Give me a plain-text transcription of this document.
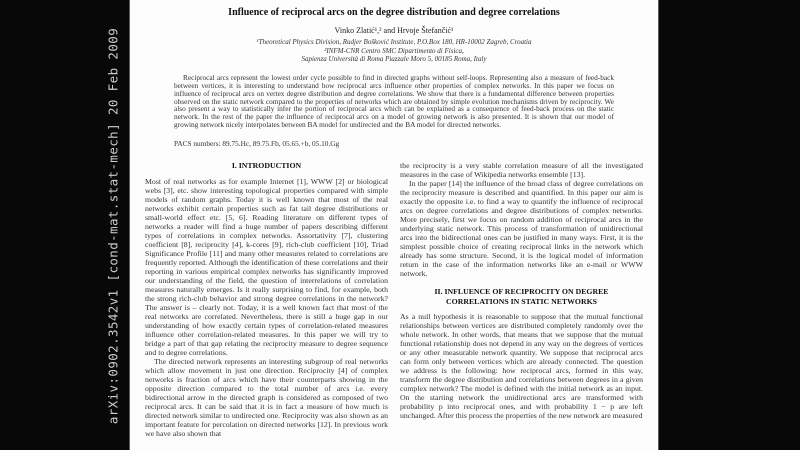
arXiv:0902.3542v1 [cond-mat.stat-mech] 20 Feb 2009
Influence of reciprocal arcs on the degree distribution and degree correlations
Vinko Zlatić¹,² and Hrvoje Štefančić¹
¹Theoretical Physics Division, Rudjer Bošković Institute, P.O.Box 180, HR-10002 Zagreb, Croatia
²INFM-CNR Centro SMC Dipartimento di Fisica,
Sapienza Università di Roma Piazzale Moro 5, 00185 Roma, Italy
Reciprocal arcs represent the lowest order cycle possible to find in directed graphs without self-loops. Representing also a measure of feed-back between vertices, it is interesting to understand how reciprocal arcs influence other properties of complex networks. In this paper we focus on influence of reciprocal arcs on vertex degree distribution and degree correlations. We show that there is a fundamental difference between properties observed on the static network compared to the properties of networks which are obtained by simple evolution mechanisms driven by reciprocity. We also present a way to statistically infer the portion of reciprocal arcs which can be explained as a consequence of feed-back process on the static network. In the rest of the paper the influence of reciprocal arcs on a model of growing network is also presented. It is shown that our model of growing network nicely interpolates between BA model for undirected and the BA model for directed networks.
PACS numbers: 89.75.Hc, 89.75.Fb, 05.65.+b, 05.10.Gg
I. INTRODUCTION

Most of real networks as for example Internet [1], WWW [2] or biological webs [3], etc. show interesting topological properties compared with simple models of random graphs. Today it is well known that most of the real networks exhibit certain properties such as fat tail degree distributions or small-world effect etc. [5, 6]. Reading literature on different types of networks a reader will find a huge number of papers describing different types of correlations in complex networks. Assortativity [7], clustering coefficient [8], reciprocity [4], k-cores [9], rich-club coefficient [10], Triad Significance Profile [11] and many other measures related to correlations are frequently reported. Although the identification of these correlations and their reporting in various empirical complex networks has significantly improved our understanding of the field, the question of interrelations of correlation measures naturally emerges. Is it really surprising to find, for example, both the strong rich-club behavior and strong degree correlations in the network? The answer is – clearly not. Today, it is a well known fact that most of the real networks are correlated. Nevertheless, there is still a huge gap in our understanding of how exactly certain types of correlation-related measures influence other correlation-related measures. In this paper we will try to bridge a part of that gap relating the reciprocity measure to degree sequence and to degree correlations.

The directed network represents an interesting subgroup of real networks which allow movement in just one direction. Reciprocity [4] of complex networks is fraction of arcs which have their counterparts showing in the opposite direction compared to the total number of arcs i.e. every bidirectional arrow in the directed graph is considered as composed of two reciprocal arcs. It can be said that it is in fact a measure of how much is directed network similar to undirected one. Reciprocity was also shown as an important feature for percolation on directed networks [12]. In previous work we have also shown that

the reciprocity is a very stable correlation measure of all the investigated measures in the case of Wikipedia networks ensemble [13].

In the paper [14] the influence of the broad class of degree correlations on the reciprocity measure is described and quantified. In this paper our aim is exactly the opposite i.e. to find a way to quantify the influence of reciprocal arcs on degree correlations and degree distributions of complex networks. More precisely, first we focus on random addition of reciprocal arcs in the underlying static network. This process of transformation of unidirectional arcs into the bidirectional ones can be justified in many ways. First, it is the simplest possible choice of creating reciprocal links in the network which already has some structure. Second, it is the logical model of information return in the case of the information networks like an e-mail or WWW network.

II. INFLUENCE OF RECIPROCITY ON DEGREE CORRELATIONS IN STATIC NETWORKS

As a null hypothesis it is reasonable to suppose that the mutual functional relationships between vertices are distributed completely randomly over the whole network. In other words, that means that we suppose that the mutual functional relationship does not depend in any way on the degrees of vertices or any other measurable network quantity. We suppose that reciprocal arcs can form only between vertices which are already connected. The question we address is the following: how reciprocal arcs, formed in this way, transform the degree distribution and correlations between degrees in a given complex network? The model is defined with the initial network as an input. On the starting network the unidirectional arcs are transformed with probability p into reciprocal ones, and with probability 1 − p are left unchanged. After this process the properties of the new network are measured
